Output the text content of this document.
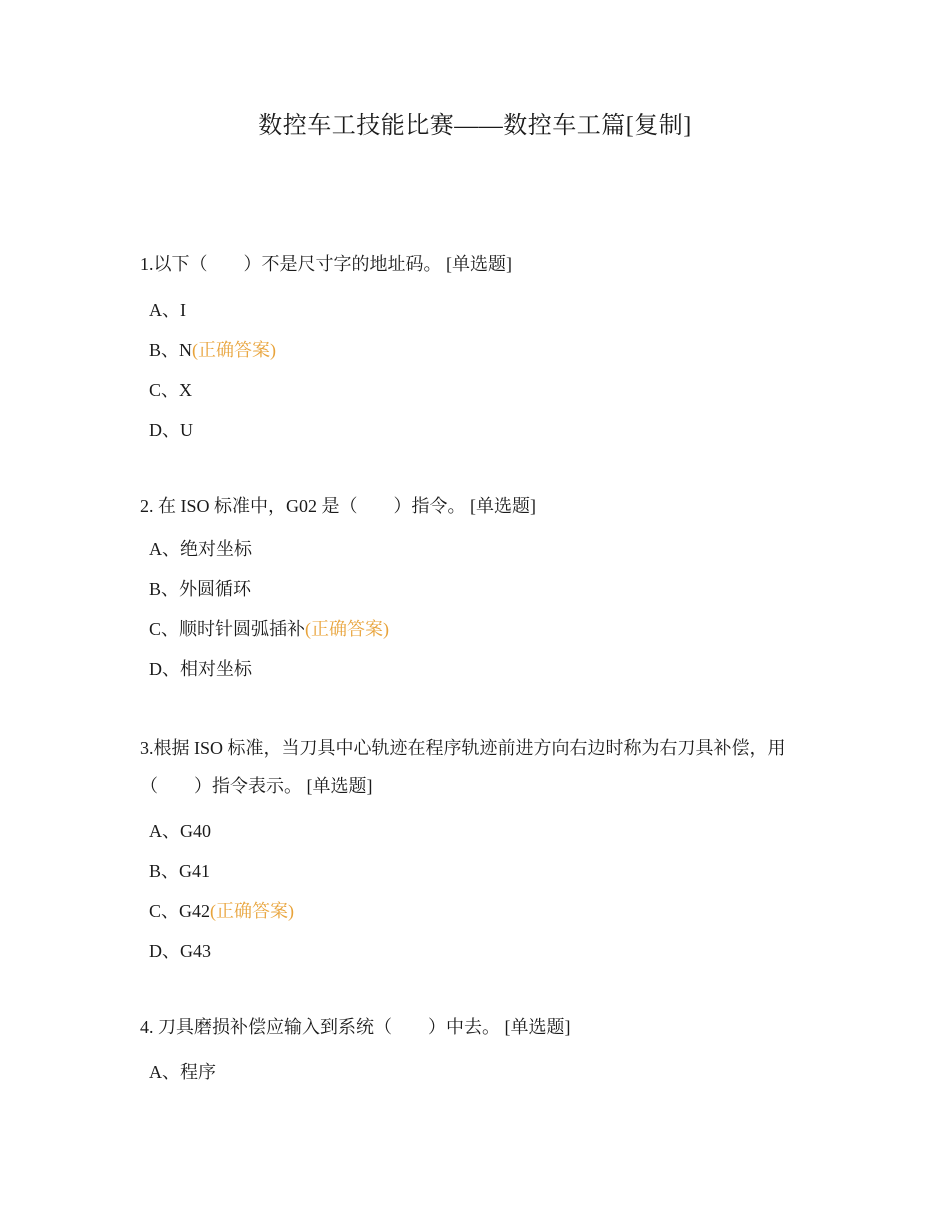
数控车工技能比赛——数控车工篇[复制]

1.以下（　　）不是尺寸字的地址码。 [单选题]

A、I
B、N(正确答案)
C、X
D、U

2. 在 ISO 标准中，G02 是（　　）指令。 [单选题]

A、绝对坐标
B、外圆循环
C、顺时针圆弧插补(正确答案)
D、相对坐标

3.根据 ISO 标准，当刀具中心轨迹在程序轨迹前进方向右边时称为右刀具补偿，用（　　）指令表示。 [单选题]

A、G40
B、G41
C、G42(正确答案)
D、G43

4. 刀具磨损补偿应输入到系统（　　）中去。 [单选题]

A、程序
